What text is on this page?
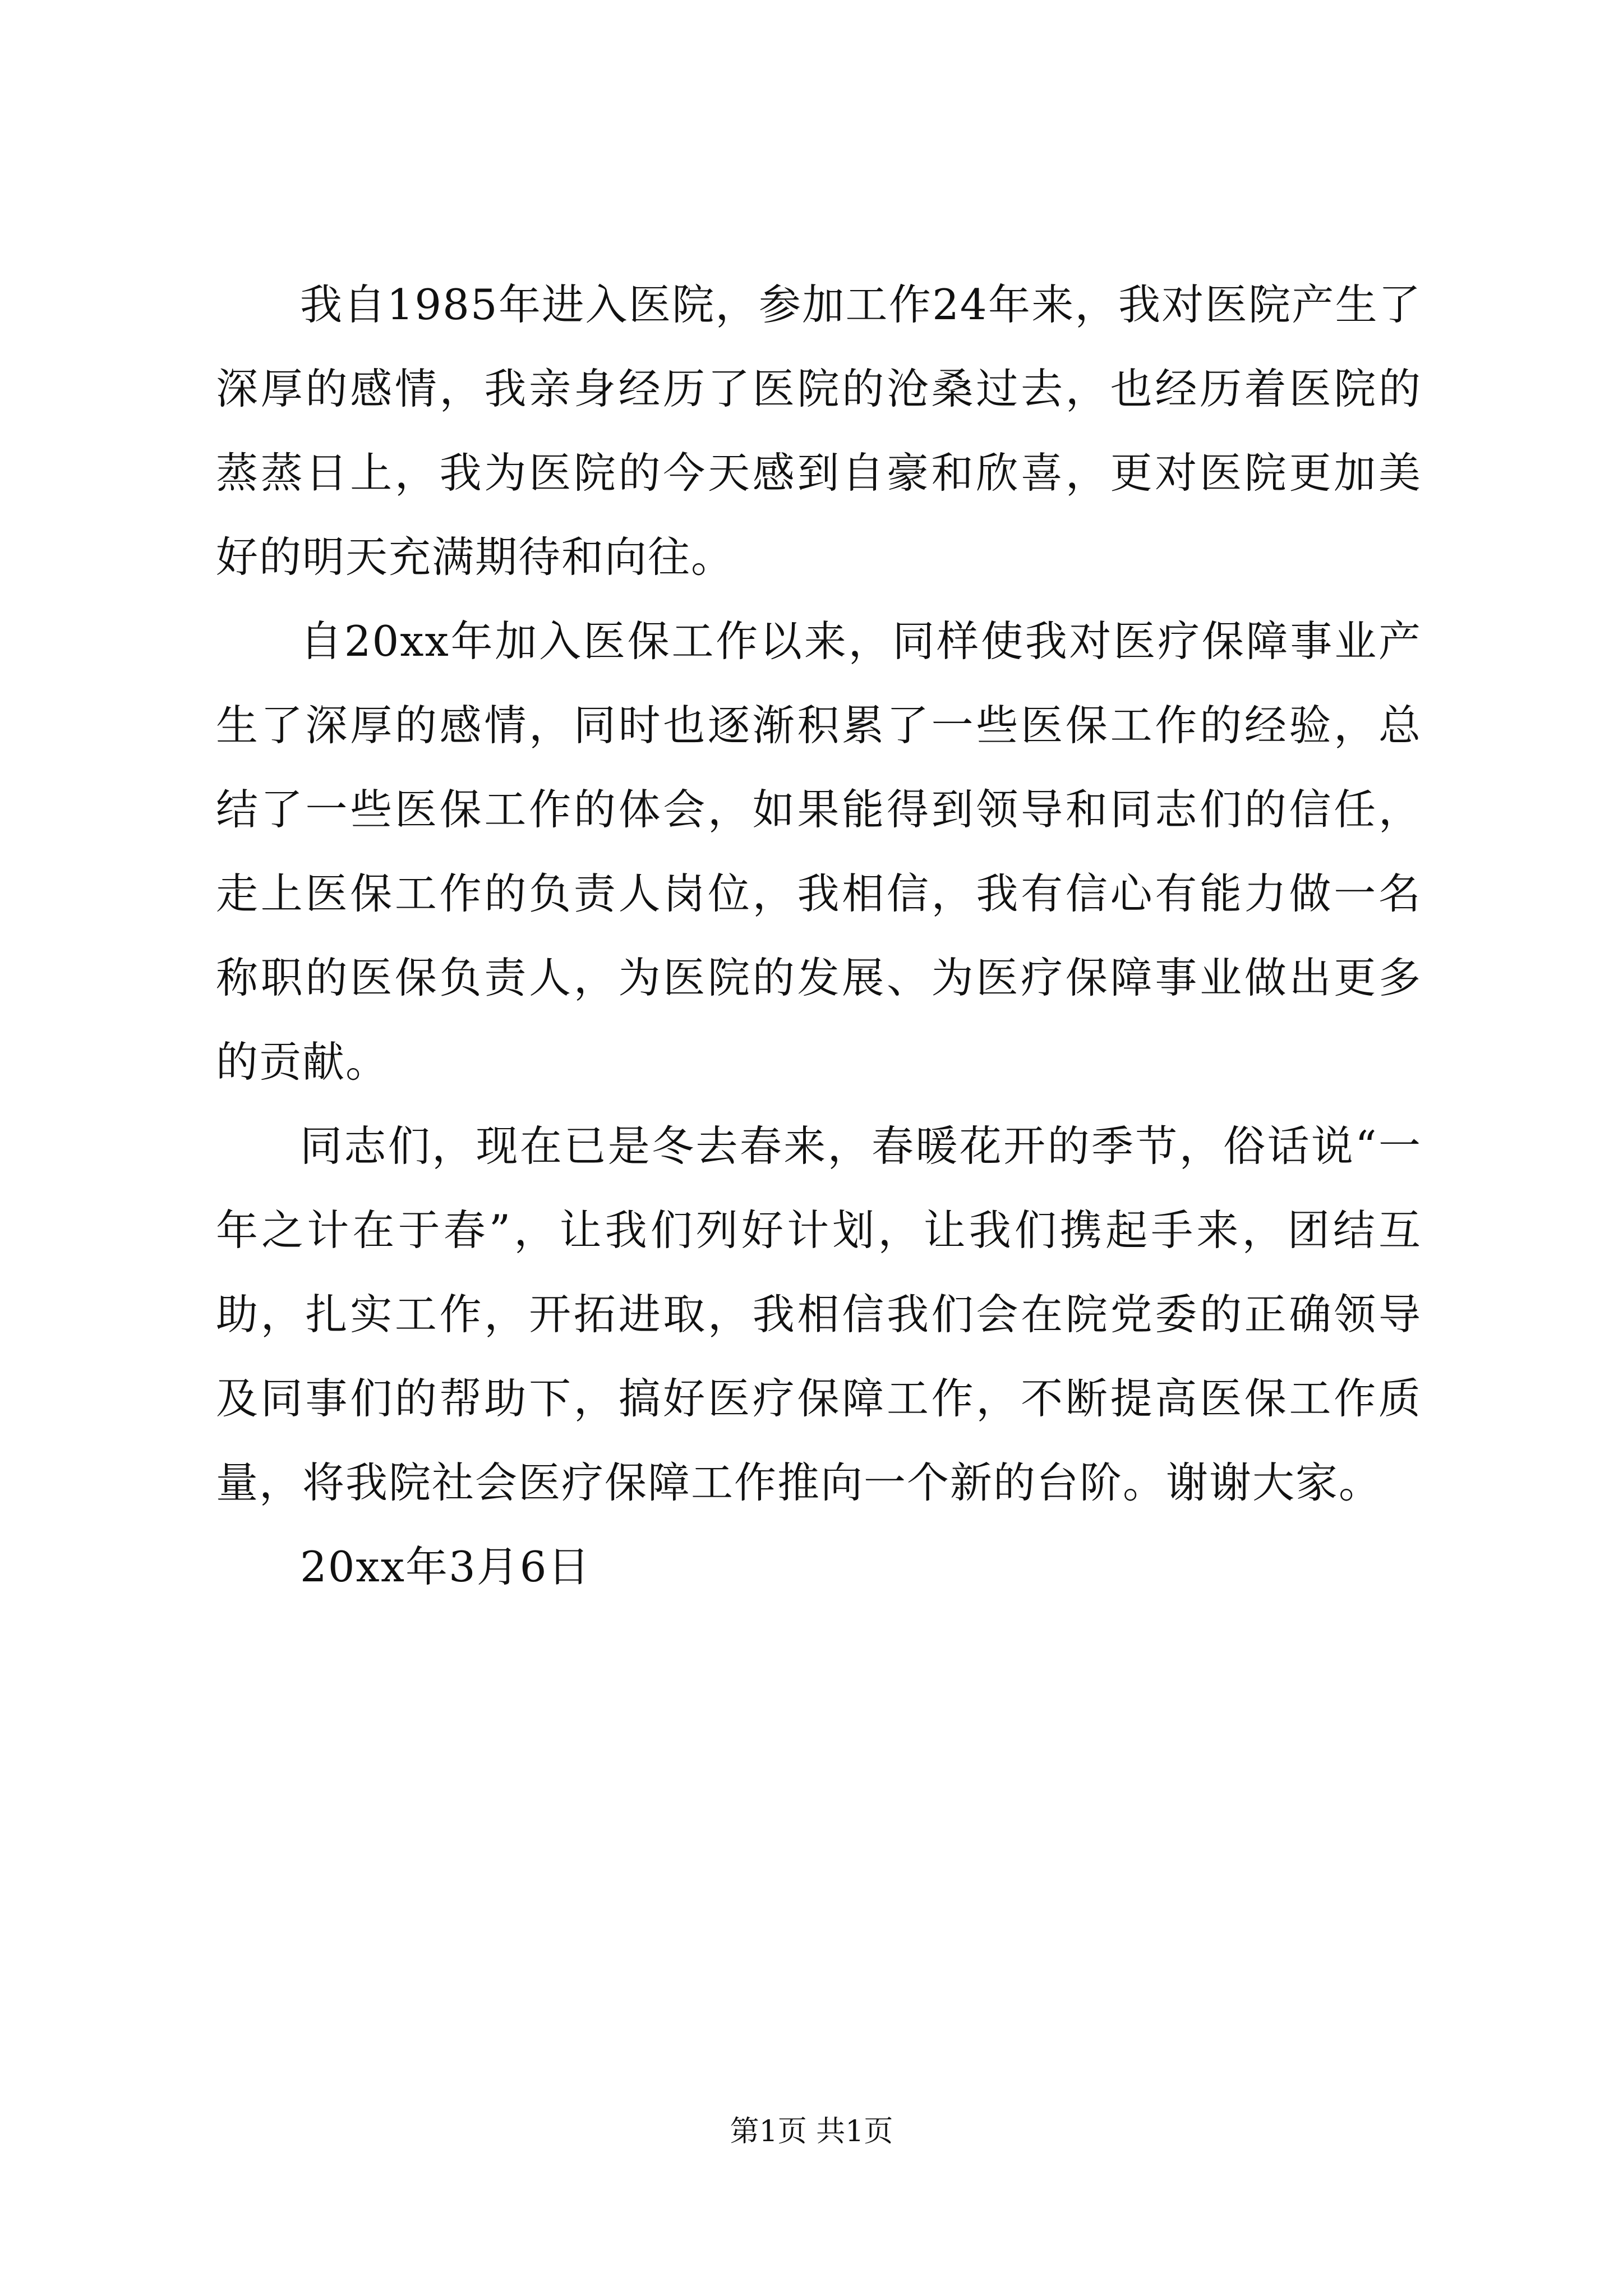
我自1985年进入医院，参加工作24年来，我对医院产生了深厚的感情，我亲身经历了医院的沧桑过去，也经历着医院的蒸蒸日上，我为医院的今天感到自豪和欣喜，更对医院更加美好的明天充满期待和向往。

自20xx年加入医保工作以来，同样使我对医疗保障事业产生了深厚的感情，同时也逐渐积累了一些医保工作的经验，总结了一些医保工作的体会，如果能得到领导和同志们的信任，走上医保工作的负责人岗位，我相信，我有信心有能力做一名称职的医保负责人，为医院的发展、为医疗保障事业做出更多的贡献。

同志们，现在已是冬去春来，春暖花开的季节，俗话说“一年之计在于春”，让我们列好计划，让我们携起手来，团结互助，扎实工作，开拓进取，我相信我们会在院党委的正确领导及同事们的帮助下，搞好医疗保障工作，不断提高医保工作质量，将我院社会医疗保障工作推向一个新的台阶。谢谢大家。

20xx年3月6日

第1页 共1页
